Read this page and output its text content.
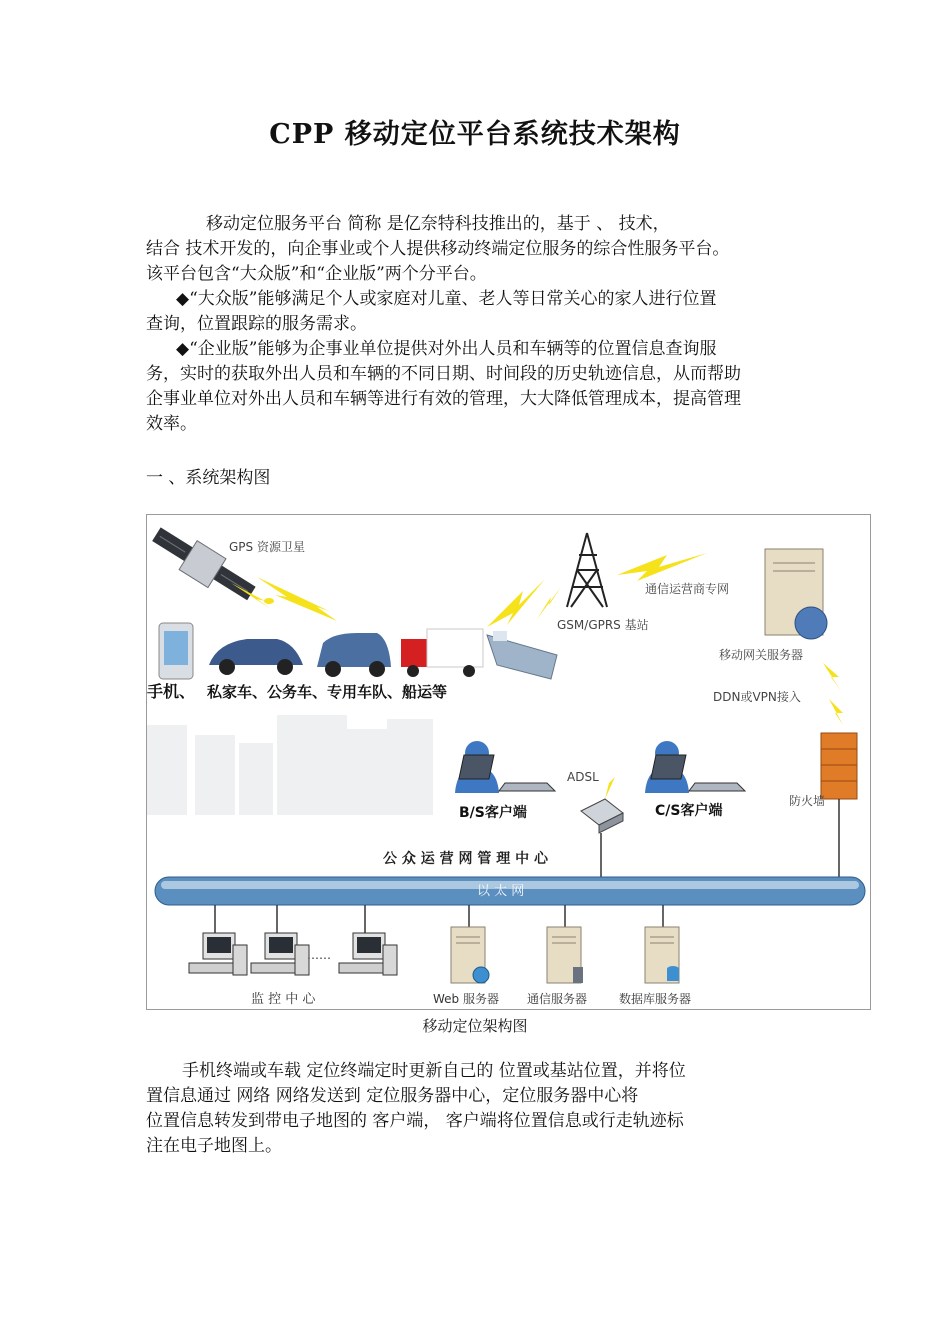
CPP 移动定位平台系统技术架构

移动定位服务平台 简称 是亿奈特科技推出的，基于 、 技术，
结合 技术开发的，向企事业或个人提供移动终端定位服务的综合性服务平台。
该平台包含“大众版”和“企业版”两个分平台。

◆“大众版”能够满足个人或家庭对儿童、老人等日常关心的家人进行位置
查询，位置跟踪的服务需求。

◆“企业版”能够为企事业单位提供对外出人员和车辆等的位置信息查询服
务，实时的获取外出人员和车辆的不同日期、时间段的历史轨迹信息，从而帮助
企事业单位对外出人员和车辆等进行有效的管理，大大降低管理成本，提高管理
效率。

一 、系统架构图
GPS 资源卫星
手机、 私家车、公务车、专用车队、船运等
GSM/GPRS 基站
通信运营商专网
移动网关服务器
DDN或VPN接入
防火墙
B/S客户端
ADSL
C/S客户端
公 众 运 营 网 管 理 中 心
以 太 网
……
监 控 中 心	Web 服务器 通信服务器	数据库服务器
移动定位架构图

手机终端或车载 定位终端定时更新自己的 位置或基站位置，并将位
置信息通过 网络 网络发送到 定位服务器中心，定位服务器中心将
位置信息转发到带电子地图的 客户端， 客户端将位置信息或行走轨迹标
注在电子地图上。
